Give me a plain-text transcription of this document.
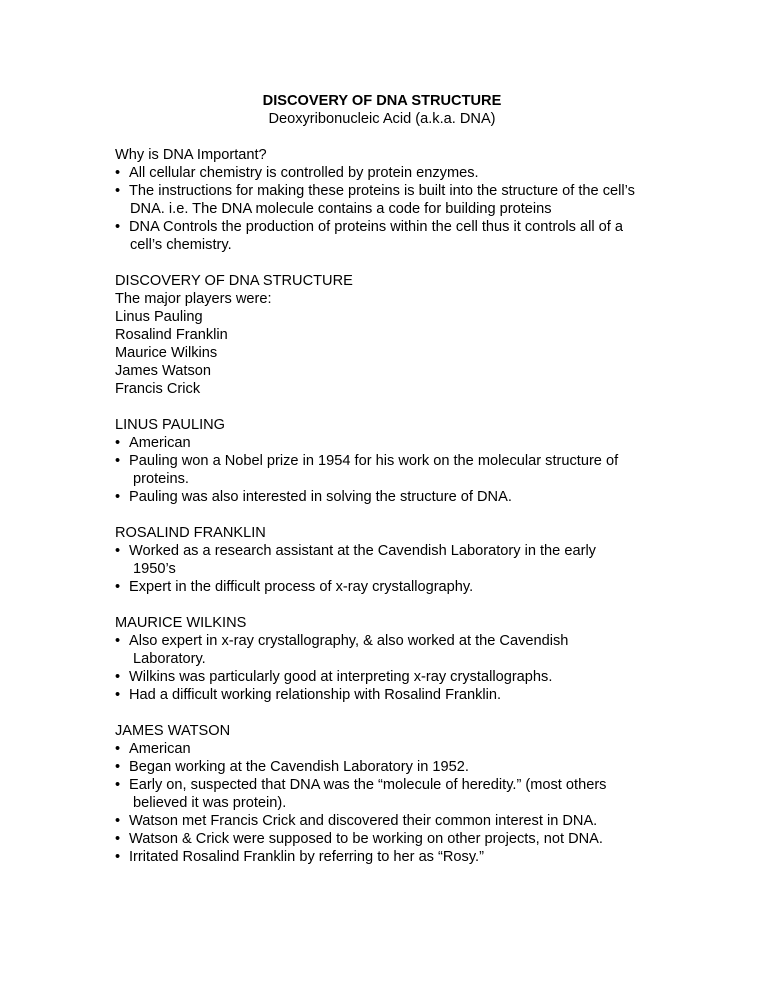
DISCOVERY OF DNA STRUCTURE
Deoxyribonucleic Acid (a.k.a. DNA)
Why is DNA Important?
• All cellular chemistry is controlled by protein enzymes.
• The instructions for making these proteins is built into the structure of the cell’s
DNA. i.e. The DNA molecule contains a code for building proteins
• DNA Controls the production of proteins within the cell thus it controls all of a
cell’s chemistry.
DISCOVERY OF DNA STRUCTURE
The major players were:
Linus Pauling
Rosalind Franklin
Maurice Wilkins
James Watson
Francis Crick
LINUS PAULING
• American
• Pauling won a Nobel prize in 1954 for his work on the molecular structure of
proteins.
• Pauling was also interested in solving the structure of DNA.
ROSALIND FRANKLIN
• Worked as a research assistant at the Cavendish Laboratory in the early
1950’s
• Expert in the difficult process of x-ray crystallography.
MAURICE WILKINS
• Also expert in x-ray crystallography, & also worked at the Cavendish
Laboratory.
• Wilkins was particularly good at interpreting x-ray crystallographs.
• Had a difficult working relationship with Rosalind Franklin.
JAMES WATSON
• American
• Began working at the Cavendish Laboratory in 1952.
• Early on, suspected that DNA was the “molecule of heredity.” (most others
believed it was protein).
• Watson met Francis Crick and discovered their common interest in DNA.
• Watson & Crick were supposed to be working on other projects, not DNA.
• Irritated Rosalind Franklin by referring to her as “Rosy.”
